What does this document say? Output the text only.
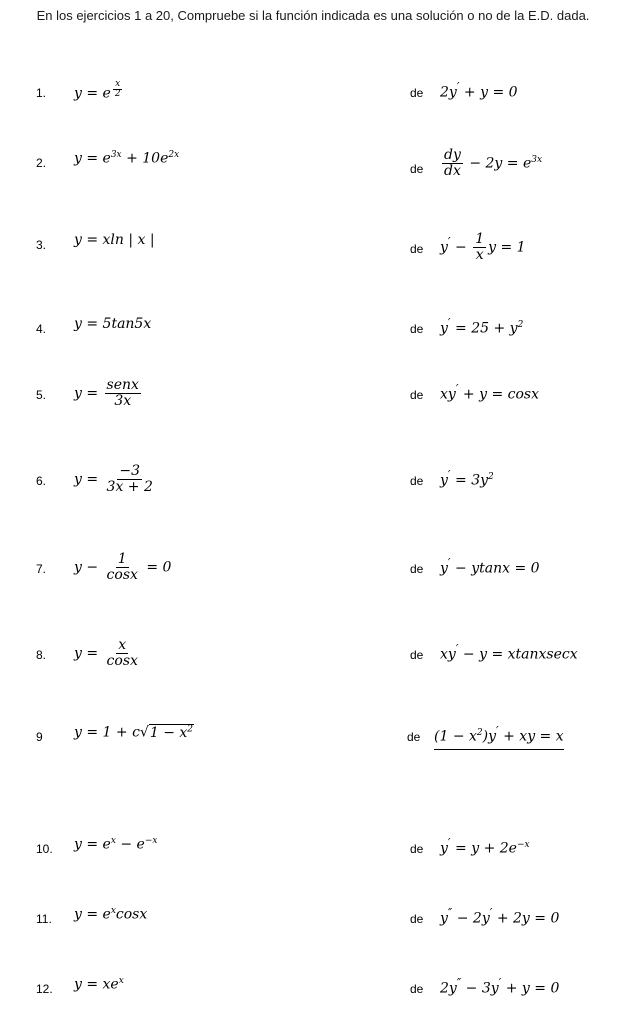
En los ejercicios 1 a 20, Compruebe si la función indicada es una solución o no de la E.D. dada.
1. y = e $^{\frac{x}{2}}$	de 2y′ + y = 0
2. $y = e^{3x} + 10e^{2x}$
de $\frac{dy}{dx} - 2y = e^{3x}$
3. y = xln | x |
de $y' - \frac{1}{x}$ y = 1
4. y = 5tan5x	de $y' = 25 + y^2$
5. $y = \frac{\text{senx}}{3x}$	de xy′ + y = cosx
6. $y = \frac{-3}{3x + 2}$	de $y' = 3y^2$
7. $y - \frac{1}{\cos x} = 0$	de y′ − ytanx = 0
8. $y = \frac{x}{\cos x}$	de xy′ − y = xtanxsecx
9 $y = 1 + c√1 - x^2$
de $(1 - x^2)y'$ + xy = x
10. $y = e^x - e^{-x}$
de $y' = y + 2e^{-x}$
11. $y = e^x\cos x$	de y″ − 2y′ + 2y = 0
12. $y = xe^x$
de 2y″ − 3y′ + y = 0
